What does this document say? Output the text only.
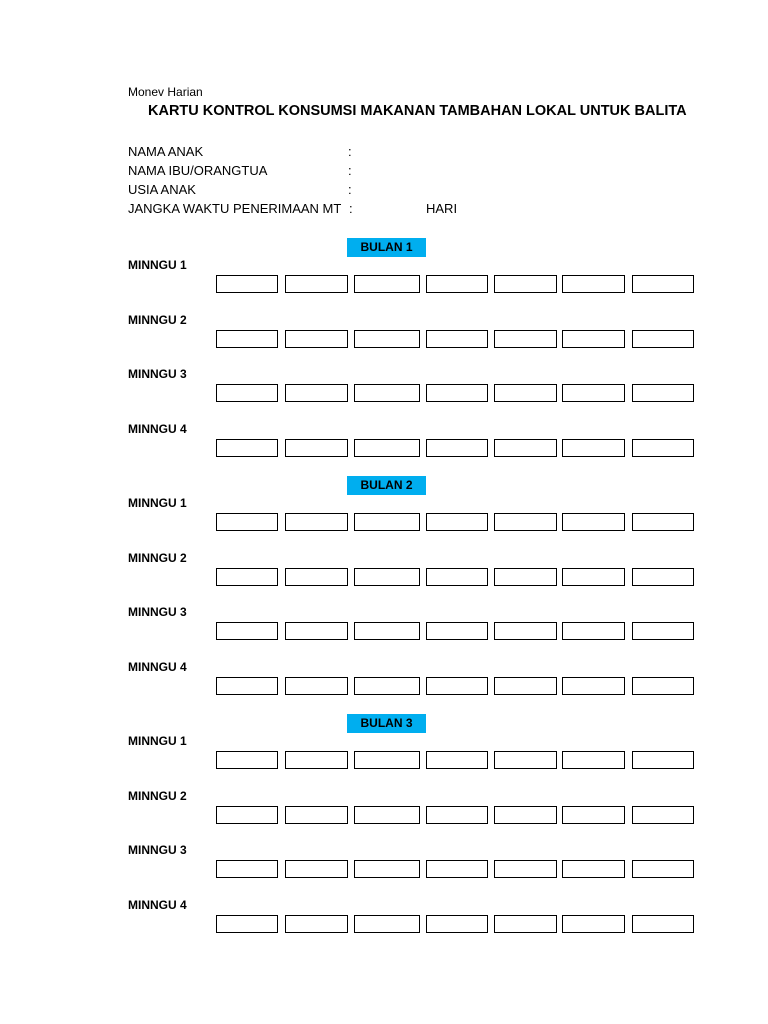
Monev Harian
KARTU KONTROL KONSUMSI MAKANAN TAMBAHAN LOKAL UNTUK BALITA
NAMA ANAK	:
NAMA IBU/ORANGTUA	:
USIA ANAK	:
JANGKA WAKTU PENERIMAAN MT :	HARI
BULAN 1
MINNGU 1
MINNGU 2
MINNGU 3
MINNGU 4
BULAN 2
MINNGU 1
MINNGU 2
MINNGU 3
MINNGU 4
BULAN 3
MINNGU 1
MINNGU 2
MINNGU 3
MINNGU 4
